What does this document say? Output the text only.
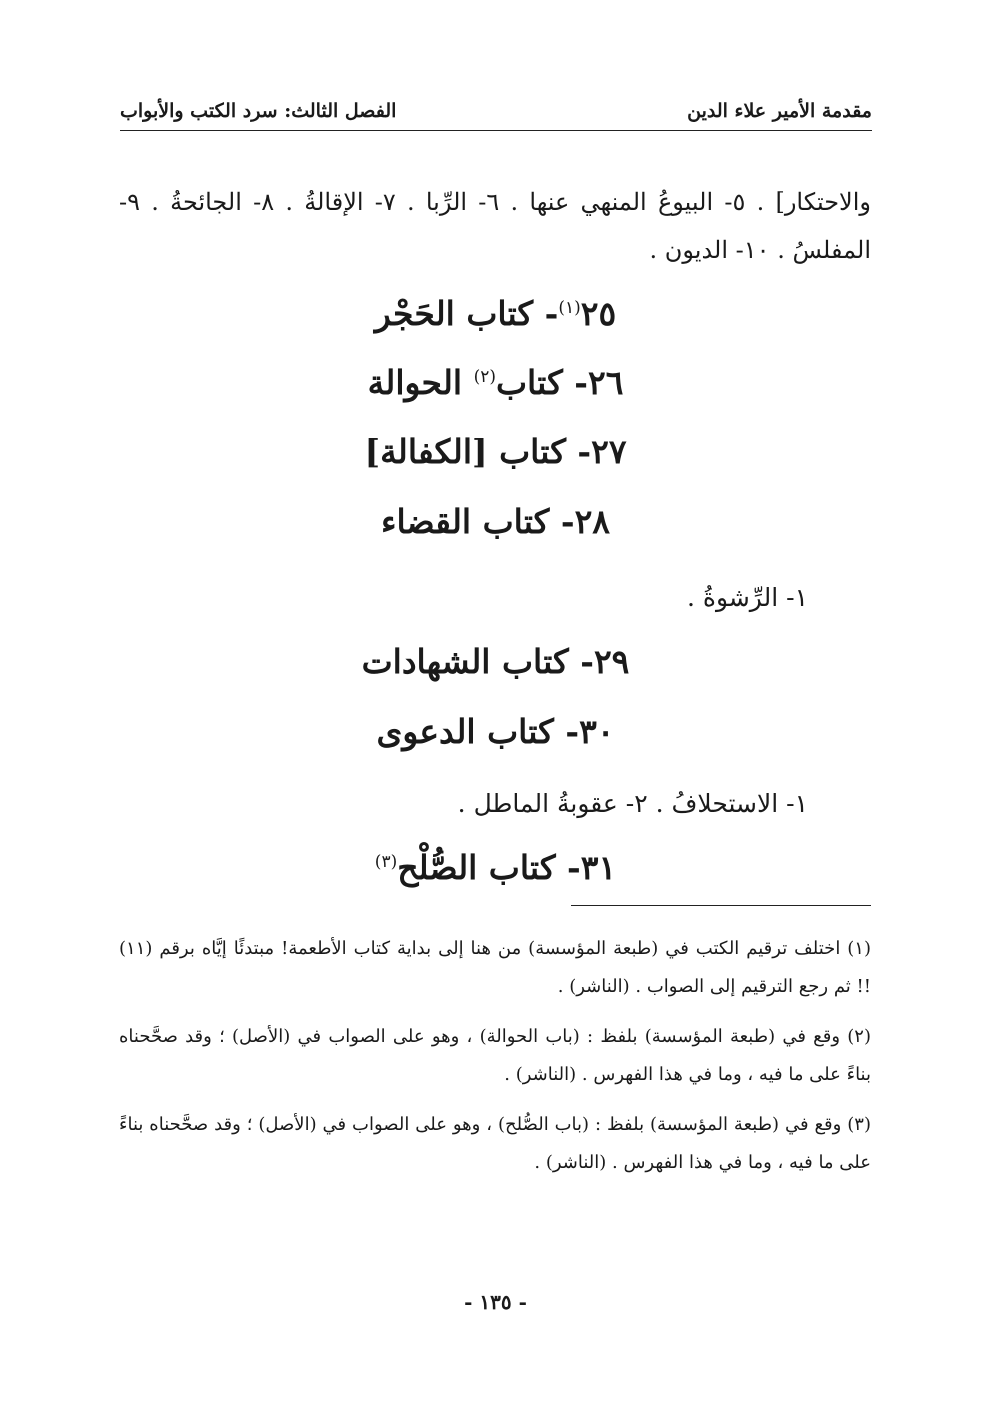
مقدمة الأمير علاء الدين
الفصل الثالث: سرد الكتب والأبواب

والاحتكار] . ٥- البيوعُ المنهي عنها . ٦- الرِّبا . ٧- الإقالةُ . ٨- الجائحةُ . ٩- المفلسُ . ١٠- الديون .

٢٥$^{(١)}$- كتاب الحَجْر
٢٦- كتاب$^{(٢)}$ الحوالة
٢٧- كتاب [الكفالة]
٢٨- كتاب القضاء
١- الرِّشوةُ .
٢٩- كتاب الشهادات
٣٠- كتاب الدعوى
١- الاستحلافُ . ٢- عقوبةُ الماطل .
٣١- كتاب الصُّلْح$^{(٣)}$

(١) اختلف ترقيم الكتب في (طبعة المؤسسة) من هنا إلى بداية كتاب الأطعمة! مبتدئًا إيَّاه برقم (١١) !! ثم رجع الترقيم إلى الصواب . (الناشر) .

(٢) وقع في (طبعة المؤسسة) بلفظ : (باب الحوالة) ، وهو على الصواب في (الأصل) ؛ وقد صحَّحناه بناءً على ما فيه ، وما في هذا الفهرس . (الناشر) .

(٣) وقع في (طبعة المؤسسة) بلفظ : (باب الصُّلح) ، وهو على الصواب في (الأصل) ؛ وقد صحَّحناه بناءً على ما فيه ، وما في هذا الفهرس . (الناشر) .

- ١٣٥ -
